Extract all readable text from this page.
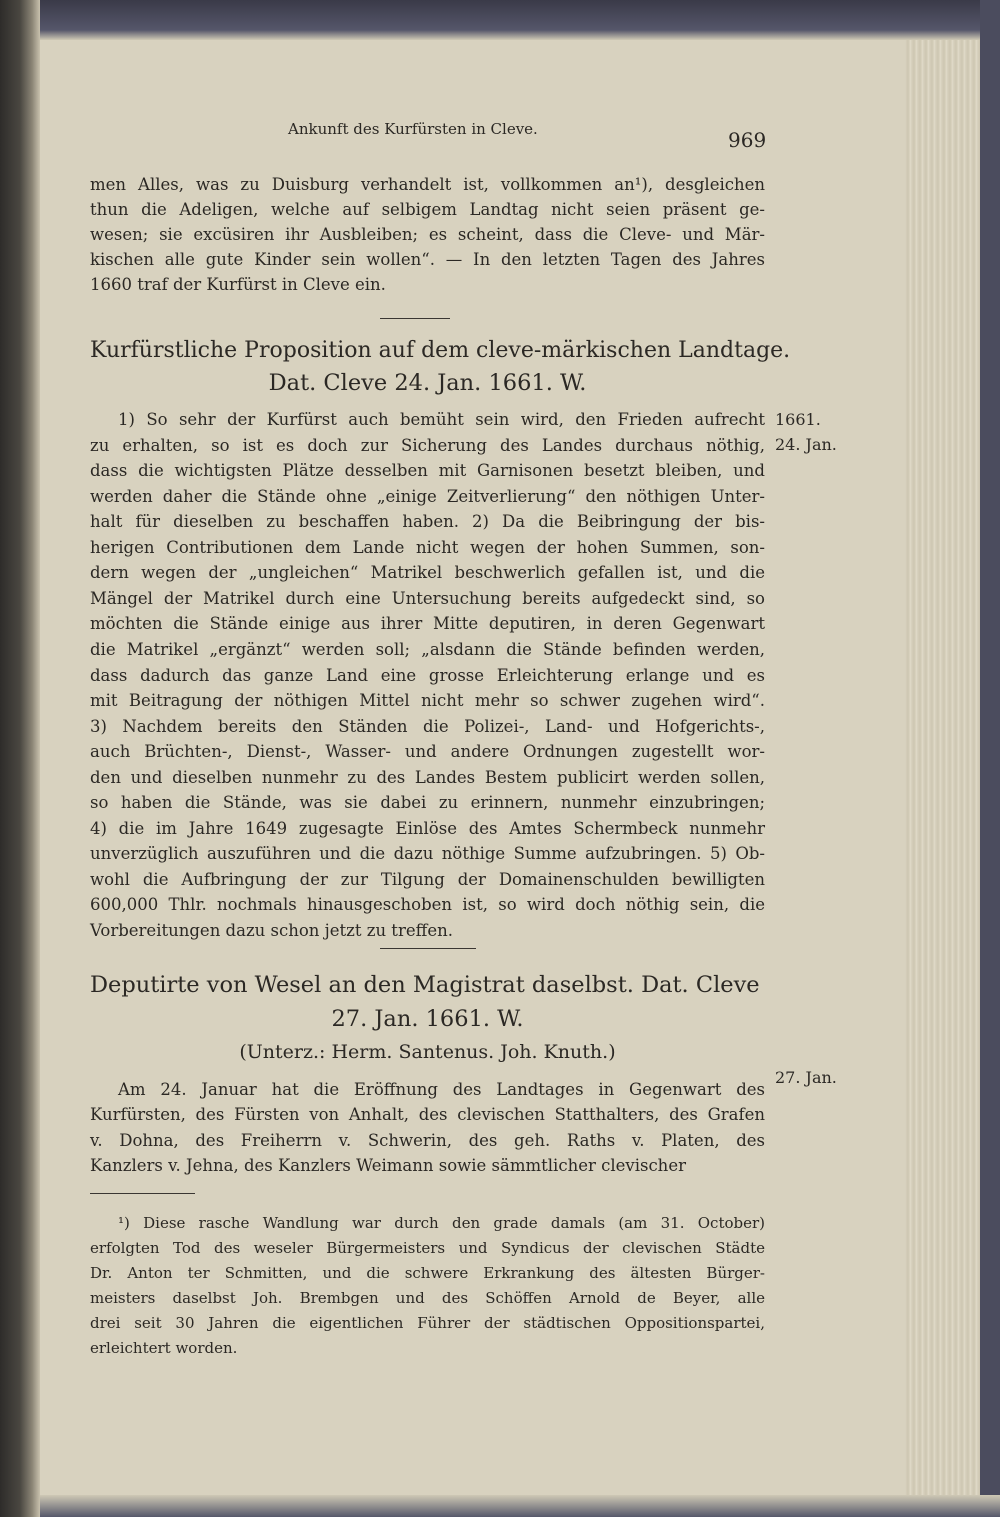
Ankunft des Kurfürsten in Cleve.	969
men Alles, was zu Duisburg verhandelt ist, vollkommen an¹), desgleichen
thun die Adeligen, welche auf selbigem Landtag nicht seien präsent ge-
wesen; sie excüsiren ihr Ausbleiben; es scheint, dass die Cleve- und Mär-
kischen alle gute Kinder sein wollen“. — In den letzten Tagen des Jahres
1660 traf der Kurfürst in Cleve ein.
Kurfürstliche Proposition auf dem cleve-märkischen Landtage.
Dat. Cleve 24. Jan. 1661. W.
1661.
24. Jan.
1) So sehr der Kurfürst auch bemüht sein wird, den Frieden aufrecht
zu erhalten, so ist es doch zur Sicherung des Landes durchaus nöthig,
dass die wichtigsten Plätze desselben mit Garnisonen besetzt bleiben, und
werden daher die Stände ohne „einige Zeitverlierung“ den nöthigen Unter-
halt für dieselben zu beschaffen haben. 2) Da die Beibringung der bis-
herigen Contributionen dem Lande nicht wegen der hohen Summen, son-
dern wegen der „ungleichen“ Matrikel beschwerlich gefallen ist, und die
Mängel der Matrikel durch eine Untersuchung bereits aufgedeckt sind, so
möchten die Stände einige aus ihrer Mitte deputiren, in deren Gegenwart
die Matrikel „ergänzt“ werden soll; „alsdann die Stände befinden werden,
dass dadurch das ganze Land eine grosse Erleichterung erlange und es
mit Beitragung der nöthigen Mittel nicht mehr so schwer zugehen wird“.
3) Nachdem bereits den Ständen die Polizei-, Land- und Hofgerichts-,
auch Brüchten-, Dienst-, Wasser- und andere Ordnungen zugestellt wor-
den und dieselben nunmehr zu des Landes Bestem publicirt werden sollen,
so haben die Stände, was sie dabei zu erinnern, nunmehr einzubringen;
4) die im Jahre 1649 zugesagte Einlöse des Amtes Schermbeck nunmehr
unverzüglich auszuführen und die dazu nöthige Summe aufzubringen. 5) Ob-
wohl die Aufbringung der zur Tilgung der Domainenschulden bewilligten
600,000 Thlr. nochmals hinausgeschoben ist, so wird doch nöthig sein, die
Vorbereitungen dazu schon jetzt zu treffen.
Deputirte von Wesel an den Magistrat daselbst. Dat. Cleve
27. Jan. 1661. W.
(Unterz.: Herm. Santenus. Joh. Knuth.)
27. Jan.
Am 24. Januar hat die Eröffnung des Landtages in Gegenwart des
Kurfürsten, des Fürsten von Anhalt, des clevischen Statthalters, des Grafen
v. Dohna, des Freiherrn v. Schwerin, des geh. Raths v. Platen, des
Kanzlers v. Jehna, des Kanzlers Weimann sowie sämmtlicher clevischer
¹) Diese rasche Wandlung war durch den grade damals (am 31. October)
erfolgten Tod des weseler Bürgermeisters und Syndicus der clevischen Städte
Dr. Anton ter Schmitten, und die schwere Erkrankung des ältesten Bürger-
meisters daselbst Joh. Brembgen und des Schöffen Arnold de Beyer, alle
drei seit 30 Jahren die eigentlichen Führer der städtischen Oppositionspartei,
erleichtert worden.
